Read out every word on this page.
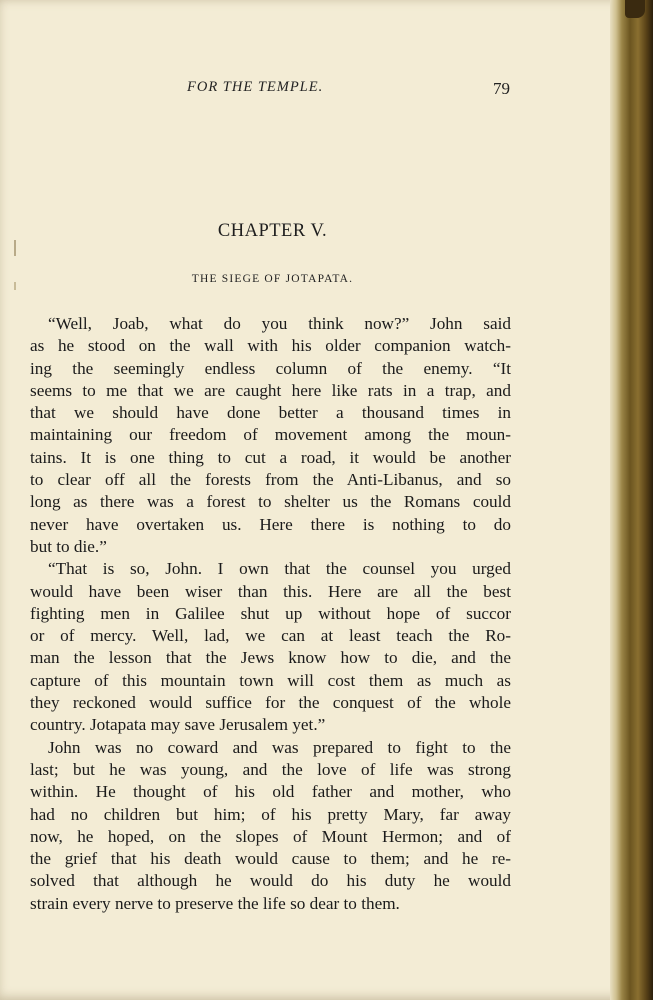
FOR THE TEMPLE.	79
CHAPTER V.
THE SIEGE OF JOTAPATA.
“Well, Joab, what do you think now?” John said
as he stood on the wall with his older companion watch-
ing the seemingly endless column of the enemy. “It
seems to me that we are caught here like rats in a trap, and
that we should have done better a thousand times in
maintaining our freedom of movement among the moun-
tains. It is one thing to cut a road, it would be another
to clear off all the forests from the Anti-Libanus, and so
long as there was a forest to shelter us the Romans could
never have overtaken us. Here there is nothing to do
but to die.”
“That is so, John. I own that the counsel you urged
would have been wiser than this. Here are all the best
fighting men in Galilee shut up without hope of succor
or of mercy. Well, lad, we can at least teach the Ro-
man the lesson that the Jews know how to die, and the
capture of this mountain town will cost them as much as
they reckoned would suffice for the conquest of the whole
country. Jotapata may save Jerusalem yet.”
John was no coward and was prepared to fight to the
last; but he was young, and the love of life was strong
within. He thought of his old father and mother, who
had no children but him; of his pretty Mary, far away
now, he hoped, on the slopes of Mount Hermon; and of
the grief that his death would cause to them; and he re-
solved that although he would do his duty he would
strain every nerve to preserve the life so dear to them.
